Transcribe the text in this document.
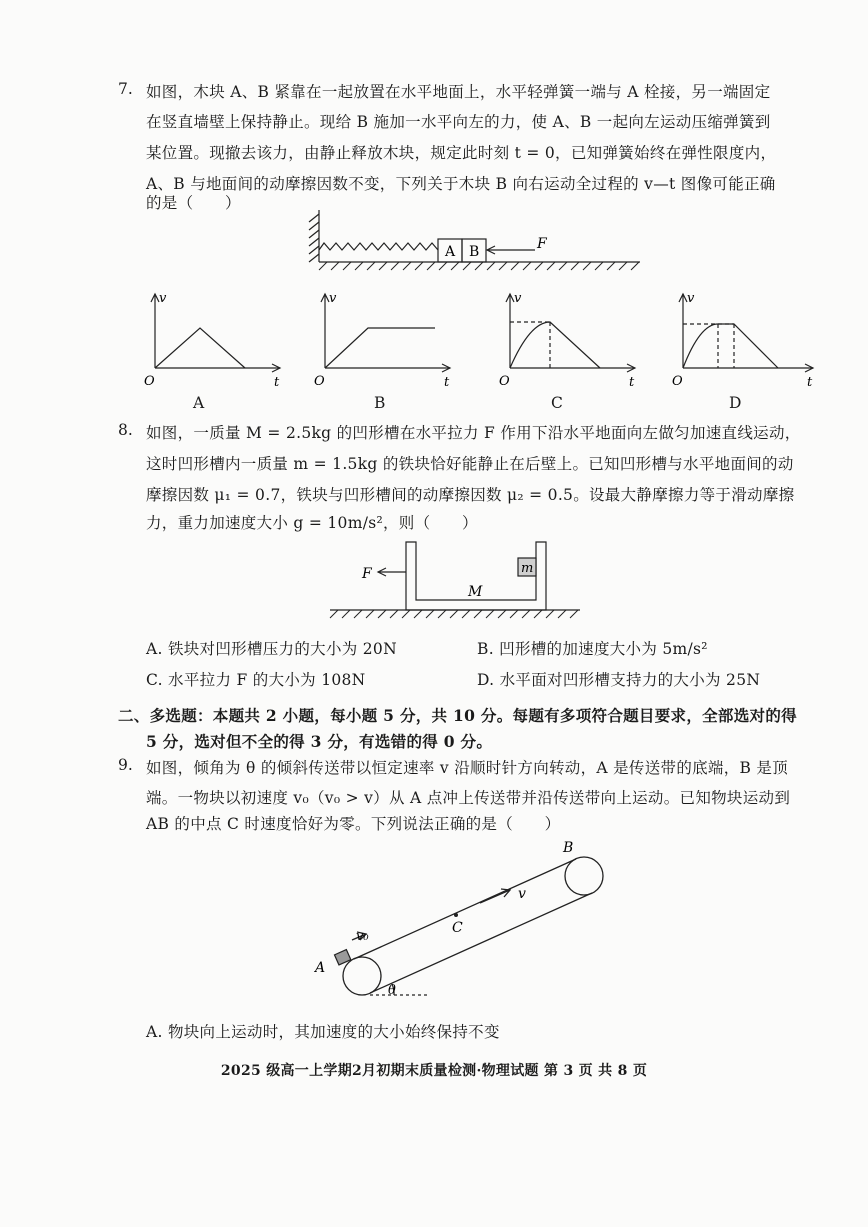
7. 如图，木块 A、B 紧靠在一起放置在水平地面上，水平轻弹簧一端与 A 栓接，另一端固定
在竖直墙壁上保持静止。现给 B 施加一水平向左的力，使 A、B 一起向左运动压缩弹簧到
某位置。现撤去该力，由静止释放木块，规定此时刻 t = 0，已知弹簧始终在弹性限度内，
A、B 与地面间的动摩擦因数不变，下列关于木块 B 向右运动全过程的 v—t 图像可能正确
的是（　　）
A B	F
v
t
O
A
v
t
O
B
v
t
O
C
v
t
O
D
8. 如图，一质量 M = 2.5kg 的凹形槽在水平拉力 F 作用下沿水平地面向左做匀加速直线运动，
这时凹形槽内一质量 m = 1.5kg 的铁块恰好能静止在后壁上。已知凹形槽与水平地面间的动
摩擦因数 μ₁ = 0.7，铁块与凹形槽间的动摩擦因数 μ₂ = 0.5。设最大静摩擦力等于滑动摩擦
力，重力加速度大小 g = 10m/s²，则（　　）
m
F
M
A. 铁块对凹形槽压力的大小为 20N	B. 凹形槽的加速度大小为 5m/s²
C. 水平拉力 F 的大小为 108N	D. 水平面对凹形槽支持力的大小为 25N
二、多选题：本题共 2 小题，每小题 5 分，共 10 分。每题有多项符合题目要求，全部选对的得
5 分，选对但不全的得 3 分，有选错的得 0 分。
9. 如图，倾角为 θ 的倾斜传送带以恒定速率 v 沿顺时针方向转动，A 是传送带的底端，B 是顶
端。一物块以初速度 v₀（v₀ > v）从 A 点冲上传送带并沿传送带向上运动。已知物块运动到
AB 的中点 C 时速度恰好为零。下列说法正确的是（　　）
A
B
C
v
v₀
θ
A. 物块向上运动时，其加速度的大小始终保持不变
2025 级高一上学期2月初期末质量检测·物理试题 第 3 页 共 8 页
